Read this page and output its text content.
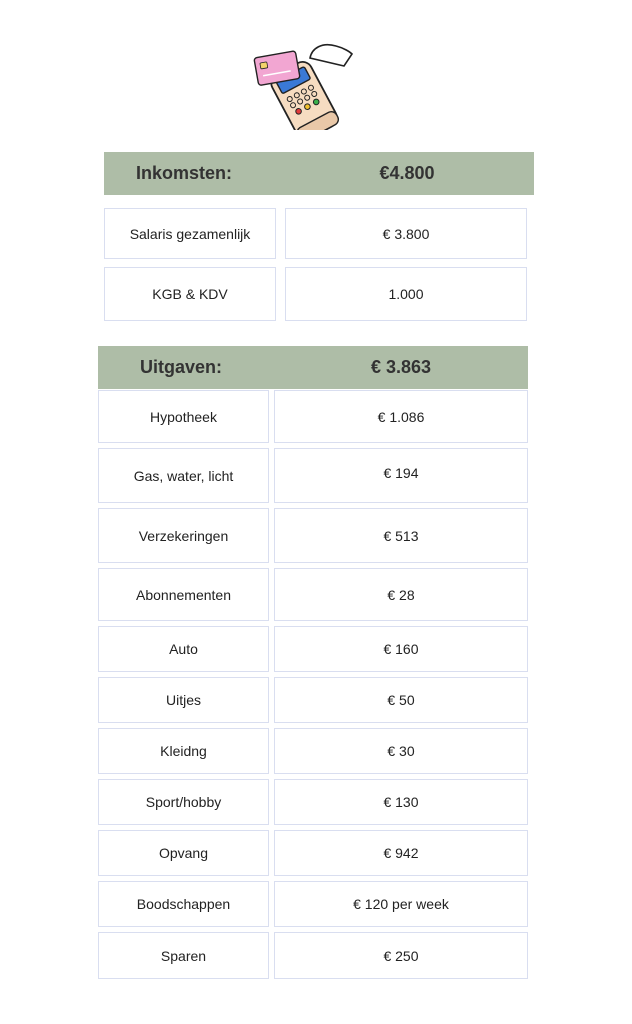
Inkomsten:	€4.800
Salaris gezamenlijk	€ 3.800
KGB & KDV	1.000
Uitgaven:	€ 3.863
Hypotheek	€ 1.086
Gas, water, licht	€ 194
Verzekeringen	€ 513
Abonnementen	€ 28
Auto	€ 160
Uitjes	€ 50
Kleidng	€ 30
Sport/hobby	€ 130
Opvang	€ 942
Boodschappen	€ 120 per week
Sparen	€ 250
